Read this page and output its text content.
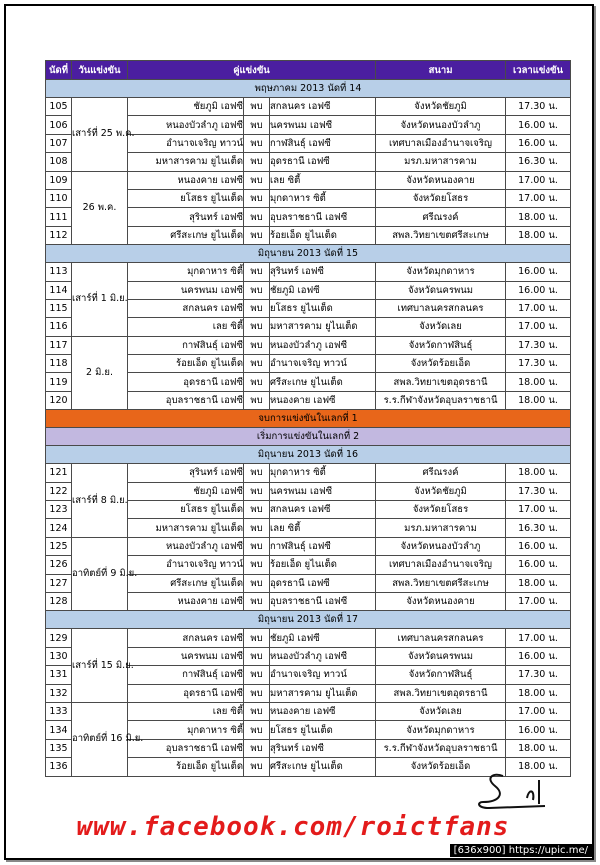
นัดที่	วันแข่งขัน	คู่แข่งขัน			สนาม	เวลาแข่งขัน
พฤษภาคม 2013 นัดที่ 14						
105	เสาร์ที่ 25 พ.ค.	ชัยภูมิ เอฟซี	พบ	สกลนคร เอฟซี	จังหวัดชัยภูมิ	17.30 น.
106		หนองบัวลำภู เอฟซี	พบ	นครพนม เอฟซี	จังหวัดหนองบัวลำภู	16.00 น.
107		อำนาจเจริญ ทาวน์	พบ	กาฬสินธุ์ เอฟซี	เทศบาลเมืองอำนาจเจริญ	16.00 น.
108		มหาสารคาม ยูไนเต็ด	พบ	อุดรธานี เอฟซี	มรภ.มหาสารคาม	16.30 น.
109	26 พ.ค.	หนองคาย เอฟซี	พบ	เลย ซิตี้	จังหวัดหนองคาย	17.00 น.
110		ยโสธร ยูไนเต็ด	พบ	มุกดาหาร ซิตี้	จังหวัดยโสธร	17.00 น.
111		สุรินทร์ เอฟซี	พบ	อุบลราชธานี เอฟซี	ศรีณรงค์	18.00 น.
112		ศรีสะเกษ ยูไนเต็ด	พบ	ร้อยเอ็ด ยูไนเต็ด	สพล.วิทยาเขตศรีสะเกษ	18.00 น.
มิถุนายน 2013 นัดที่ 15						
113	เสาร์ที่ 1 มิ.ย.	มุกดาหาร ซิตี้	พบ	สุรินทร์ เอฟซี	จังหวัดมุกดาหาร	16.00 น.
114		นครพนม เอฟซี	พบ	ชัยภูมิ เอฟซี	จังหวัดนครพนม	16.00 น.
115		สกลนคร เอฟซี	พบ	ยโสธร ยูไนเต็ด	เทศบาลนครสกลนคร	17.00 น.
116		เลย ซิตี้	พบ	มหาสารคาม ยูไนเต็ด	จังหวัดเลย	17.00 น.
117	2 มิ.ย.	กาฬสินธุ์ เอฟซี	พบ	หนองบัวลำภู เอฟซี	จังหวัดกาฬสินธุ์	17.30 น.
118		ร้อยเอ็ด ยูไนเต็ด	พบ	อำนาจเจริญ ทาวน์	จังหวัดร้อยเอ็ด	17.30 น.
119		อุดรธานี เอฟซี	พบ	ศรีสะเกษ ยูไนเต็ด	สพล.วิทยาเขตอุดรธานี	18.00 น.
120		อุบลราชธานี เอฟซี	พบ	หนองคาย เอฟซี	ร.ร.กีฬาจังหวัดอุบลราชธานี	18.00 น.
จบการแข่งขันในเลกที่ 1						
เริ่มการแข่งขันในเลกที่ 2						
มิถุนายน 2013 นัดที่ 16						
121	เสาร์ที่ 8 มิ.ย.	สุรินทร์ เอฟซี	พบ	มุกดาหาร ซิตี้	ศรีณรงค์	18.00 น.
122		ชัยภูมิ เอฟซี	พบ	นครพนม เอฟซี	จังหวัดชัยภูมิ	17.30 น.
123		ยโสธร ยูไนเต็ด	พบ	สกลนคร เอฟซี	จังหวัดยโสธร	17.00 น.
124		มหาสารคาม ยูไนเต็ด	พบ	เลย ซิตี้	มรภ.มหาสารคาม	16.30 น.
125	อาทิตย์ที่ 9 มิ.ย.	หนองบัวลำภู เอฟซี	พบ	กาฬสินธุ์ เอฟซี	จังหวัดหนองบัวลำภู	16.00 น.
126		อำนาจเจริญ ทาวน์	พบ	ร้อยเอ็ด ยูไนเต็ด	เทศบาลเมืองอำนาจเจริญ	16.00 น.
127		ศรีสะเกษ ยูไนเต็ด	พบ	อุดรธานี เอฟซี	สพล.วิทยาเขตศรีสะเกษ	18.00 น.
128		หนองคาย เอฟซี	พบ	อุบลราชธานี เอฟซี	จังหวัดหนองคาย	17.00 น.
มิถุนายน 2013 นัดที่ 17						
129	เสาร์ที่ 15 มิ.ย.	สกลนคร เอฟซี	พบ	ชัยภูมิ เอฟซี	เทศบาลนครสกลนคร	17.00 น.
130		นครพนม เอฟซี	พบ	หนองบัวลำภู เอฟซี	จังหวัดนครพนม	16.00 น.
131		กาฬสินธุ์ เอฟซี	พบ	อำนาจเจริญ ทาวน์	จังหวัดกาฬสินธุ์	17.30 น.
132		อุดรธานี เอฟซี	พบ	มหาสารคาม ยูไนเต็ด	สพล.วิทยาเขตอุดรธานี	18.00 น.
133	อาทิตย์ที่ 16 มิ.ย.	เลย ซิตี้	พบ	หนองคาย เอฟซี	จังหวัดเลย	17.00 น.
134		มุกดาหาร ซิตี้	พบ	ยโสธร ยูไนเต็ด	จังหวัดมุกดาหาร	16.00 น.
135		อุบลราชธานี เอฟซี	พบ	สุรินทร์ เอฟซี	ร.ร.กีฬาจังหวัดอุบลราชธานี	18.00 น.
136		ร้อยเอ็ด ยูไนเต็ด	พบ	ศรีสะเกษ ยูไนเต็ด	จังหวัดร้อยเอ็ด	18.00 น.
www.facebook.com/roictfans
[636x900] https://upic.me/
